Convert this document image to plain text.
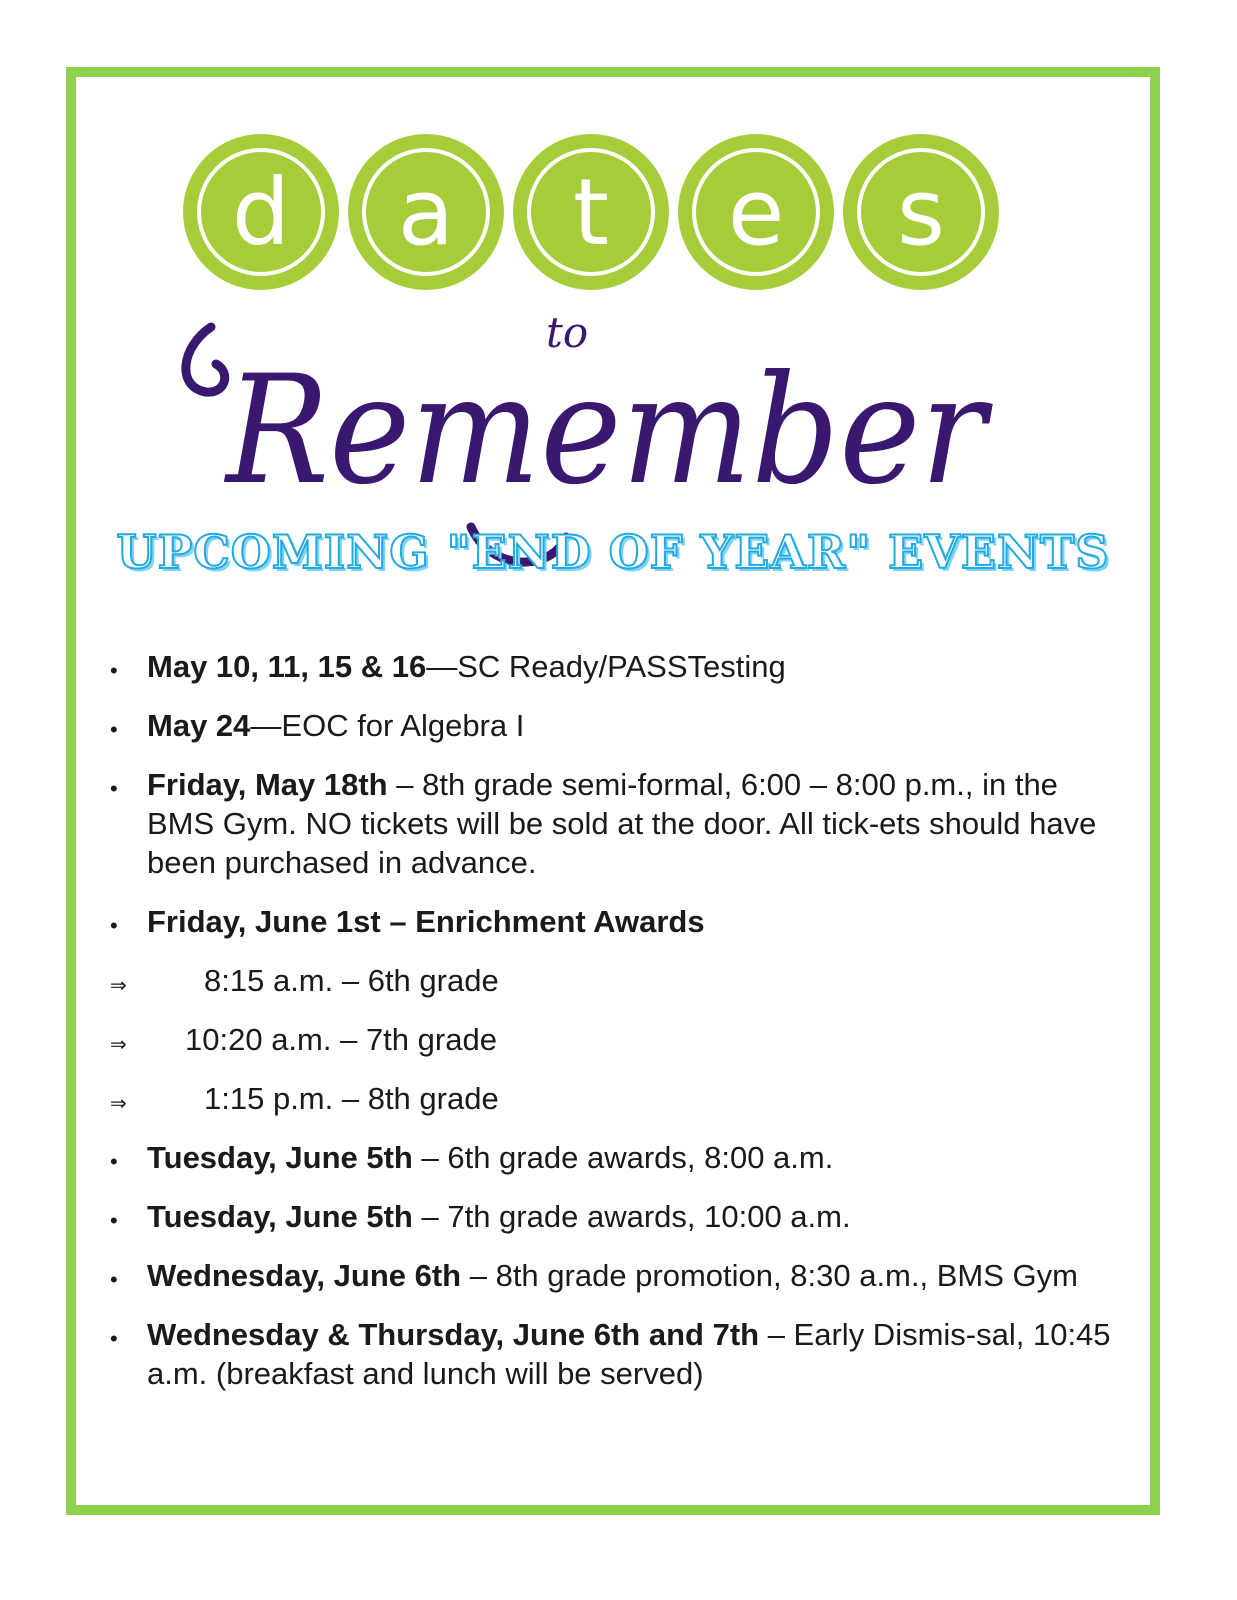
d a t e s
to
Remember
UPCOMING "END OF YEAR" EVENTS
• May 10, 11, 15 & 16—SC Ready/PASSTesting
• May 24—EOC for Algebra I
• Friday, May 18th – 8th grade semi-formal, 6:00 – 8:00 p.m., in the BMS Gym. NO tickets will be sold at the door. All tick-ets should have been purchased in advance.
• Friday, June 1st – Enrichment Awards
⇒ 8:15 a.m. – 6th grade
⇒ 10:20 a.m. – 7th grade
⇒ 1:15 p.m. – 8th grade
• Tuesday, June 5th – 6th grade awards, 8:00 a.m.
• Tuesday, June 5th – 7th grade awards, 10:00 a.m.
• Wednesday, June 6th – 8th grade promotion, 8:30 a.m., BMS Gym
• Wednesday & Thursday, June 6th and 7th – Early Dismis-sal, 10:45 a.m. (breakfast and lunch will be served)
